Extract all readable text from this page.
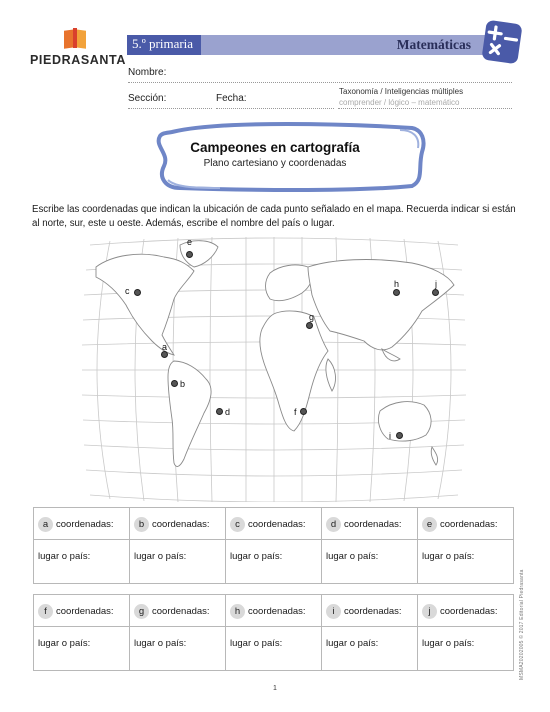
PIEDRASANTA
5.º primaria	Matemáticas
Nombre:
Sección:	Fecha:
Taxonomía / Inteligencias múltiples
comprender / lógico – matemático
Campeones en cartografía
Plano cartesiano y coordenadas
Escribe las coordenadas que indican la ubicación de cada punto señalado en el mapa. Recuerda indicar si están al norte, sur, este u oeste. Además, escribe el nombre del país o lugar.
e
c
g
h	j
a
b
d	f
i
a coordenadas:	b coordenadas:	c coordenadas:	d coordenadas:	e coordenadas:
lugar o país:	lugar o país:	lugar o país:	lugar o país:	lugar o país:
f coordenadas:	g coordenadas:	h coordenadas:	i coordenadas:	j coordenadas:
lugar o país:	lugar o país:	lugar o país:	lugar o país:	lugar o país:	MSMA20202005 © 2017 Editorial Piedrasanta
1
